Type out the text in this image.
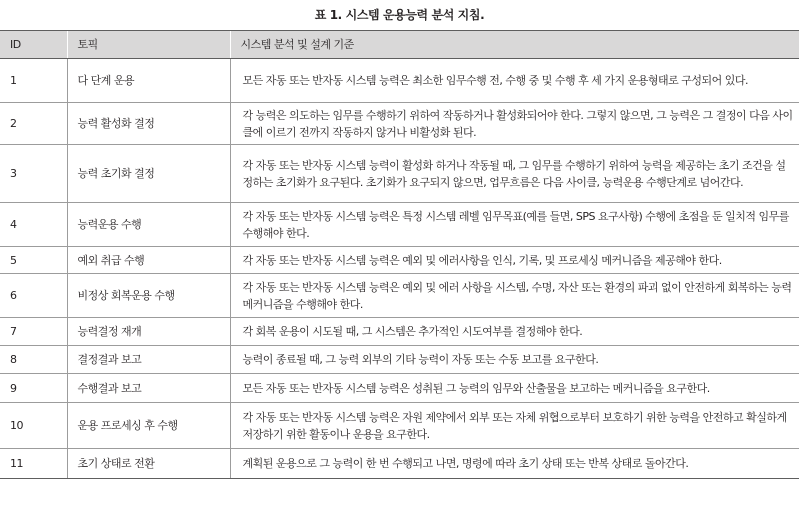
표 1. 시스템 운용능력 분석 지침.
ID	토픽	시스템 분석 및 설계 기준
1	다 단계 운용	모든 자동 또는 반자동 시스템 능력은 최소한 임무수행 전, 수행 중 및 수행 후 세 가지 운용형태로 구성되어 있다.
2	능력 활성화 결정	각 능력은 의도하는 임무를 수행하기 위하여 작동하거나 활성화되어야 한다. 그렇지 않으면, 그 능력은 그 결정이 다음 사이클에 이르기 전까지 작동하지 않거나 비활성화 된다.
3	능력 초기화 결정	각 자동 또는 반자동 시스템 능력이 활성화 하거나 작동될 때, 그 임무를 수행하기 위하여 능력을 제공하는 초기 조건을 설정하는 초기화가 요구된다. 초기화가 요구되지 않으면, 업무흐름은 다음 사이클, 능력운용 수행단계로 넘어간다.
4	능력운용 수행	각 자동 또는 반자동 시스템 능력은 특정 시스템 레벨 임무목표(예를 들면, SPS 요구사항) 수행에 초점을 둔 일치적 임무를 수행해야 한다.
5	예외 취급 수행	각 자동 또는 반자동 시스템 능력은 예외 및 에러사항을 인식, 기록, 및 프로세싱 메커니즘을 제공해야 한다.
6	비정상 회복운용 수행	각 자동 또는 반자동 시스템 능력은 예외 및 에러 사항을 시스템, 수명, 자산 또는 환경의 파괴 없이 안전하게 회복하는 능력 메커니즘을 수행해야 한다.
7	능력결정 재개	각 회복 운용이 시도될 때, 그 시스템은 추가적인 시도여부를 결정해야 한다.
8	결정결과 보고	능력이 종료될 때, 그 능력 외부의 기타 능력이 자동 또는 수동 보고를 요구한다.
9	수행결과 보고	모든 자동 또는 반자동 시스템 능력은 성취된 그 능력의 임무와 산출물을 보고하는 메커니즘을 요구한다.
10	운용 프로세싱 후 수행	각 자동 또는 반자동 시스템 능력은 자원 제약에서 외부 또는 자체 위협으로부터 보호하기 위한 능력을 안전하고 확실하게 저장하기 위한 활동이나 운용을 요구한다.
11	초기 상태로 전환	계획된 운용으로 그 능력이 한 번 수행되고 나면, 명령에 따라 초기 상태 또는 반복 상태로 돌아간다.
